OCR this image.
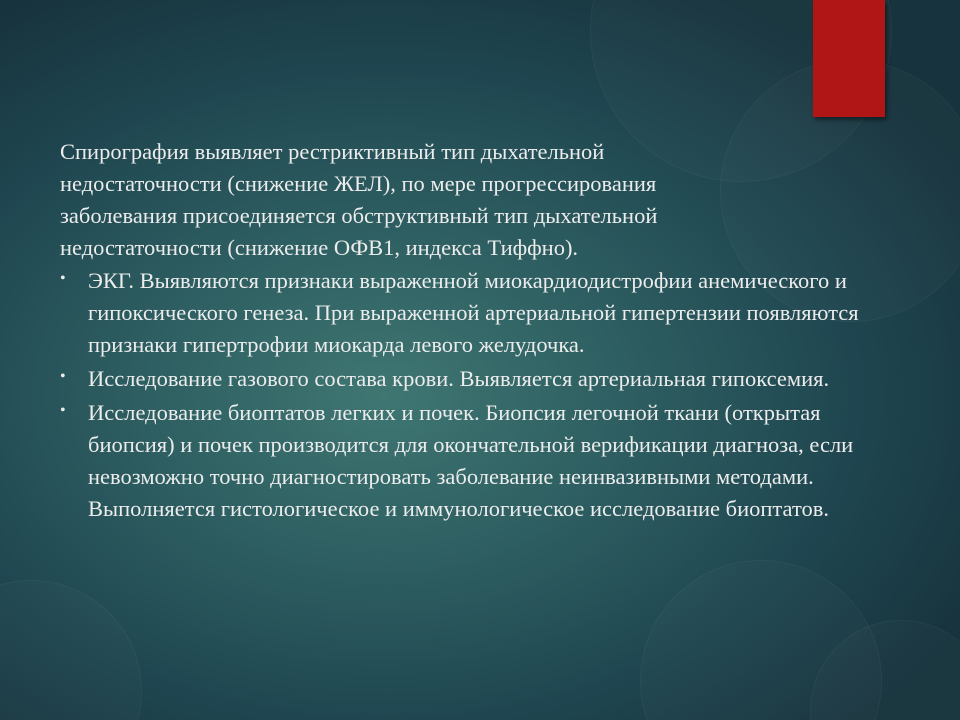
Спирография выявляет рестриктивный тип дыхательной недостаточности (снижение ЖЕЛ), по мере прогрессирования заболевания присоединяется обструктивный тип дыхательной недостаточности (снижение ОФВ1, индекса Тиффно).

• ЭКГ. Выявляются признаки выраженной миокардиодистрофии анемического и гипоксического генеза. При выраженной артериальной гипертензии появляются признаки гипертрофии миокарда левого желудочка.
• Исследование газового состава крови. Выявляется артериальная гипоксемия.
• Исследование биоптатов легких и почек. Биопсия легочной ткани (открытая биопсия) и почек производится для окончательной верификации диагноза, если невозможно точно диагностировать заболевание неинвазивными методами. Выполняется гистологическое и иммунологическое исследование биоптатов.
